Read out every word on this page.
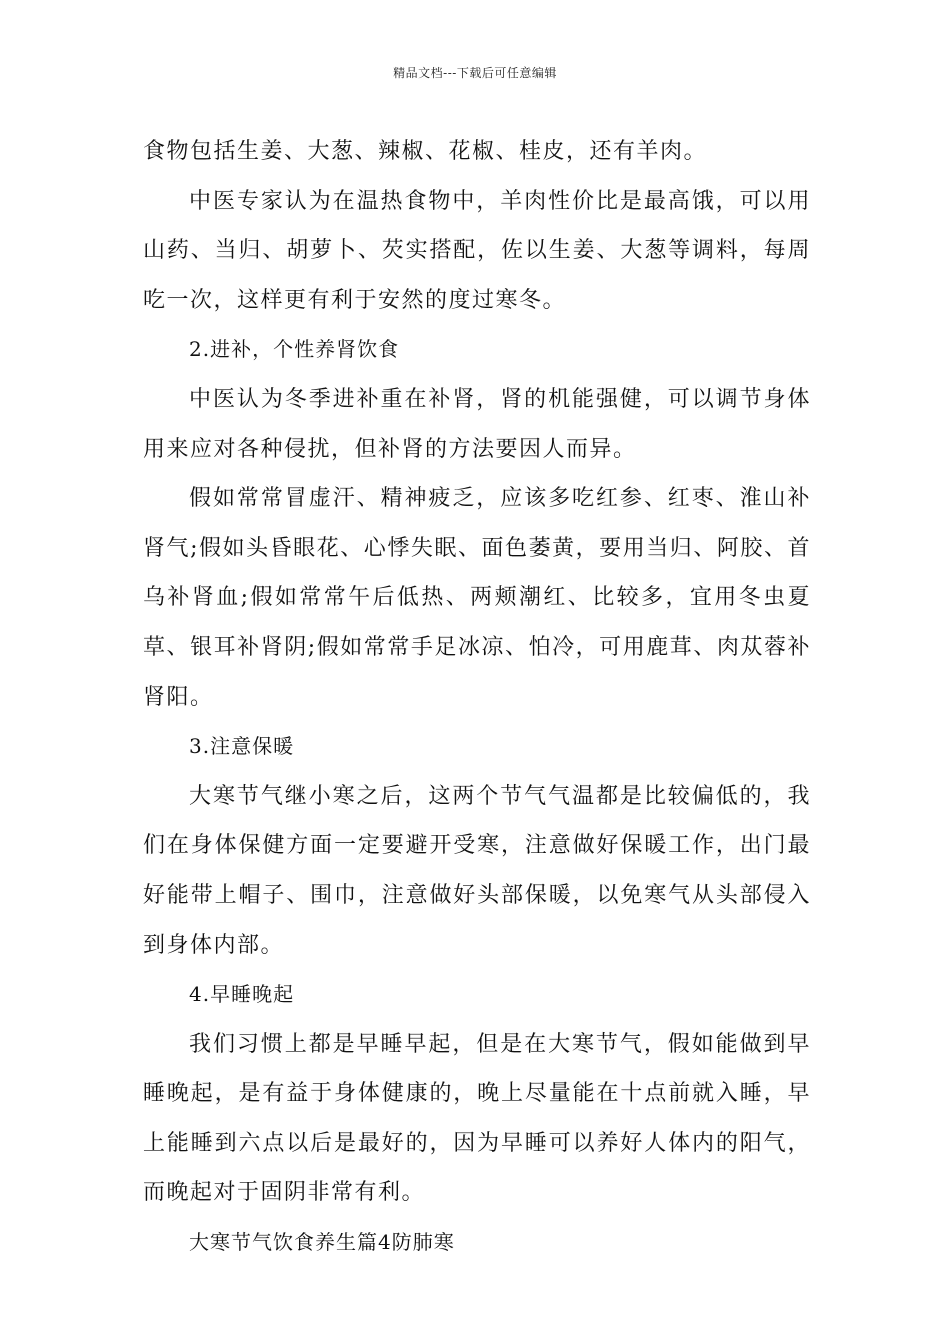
精品文档---下载后可任意编辑

食物包括生姜、大葱、辣椒、花椒、桂皮，还有羊肉。

中医专家认为在温热食物中，羊肉性价比是最高饿，可以用山药、当归、胡萝卜、芡实搭配，佐以生姜、大葱等调料，每周吃一次，这样更有利于安然的度过寒冬。

2.进补，个性养肾饮食

中医认为冬季进补重在补肾，肾的机能强健，可以调节身体用来应对各种侵扰，但补肾的方法要因人而异。

假如常常冒虚汗、精神疲乏，应该多吃红参、红枣、淮山补肾气;假如头昏眼花、心悸失眠、面色萎黄，要用当归、阿胶、首乌补肾血;假如常常午后低热、两颊潮红、比较多，宜用冬虫夏草、银耳补肾阴;假如常常手足冰凉、怕冷，可用鹿茸、肉苁蓉补肾阳。

3.注意保暖

大寒节气继小寒之后，这两个节气气温都是比较偏低的，我们在身体保健方面一定要避开受寒，注意做好保暖工作，出门最好能带上帽子、围巾，注意做好头部保暖，以免寒气从头部侵入到身体内部。

4.早睡晚起

我们习惯上都是早睡早起，但是在大寒节气，假如能做到早睡晚起，是有益于身体健康的，晚上尽量能在十点前就入睡，早上能睡到六点以后是最好的，因为早睡可以养好人体内的阳气，而晚起对于固阴非常有利。

大寒节气饮食养生篇4防肺寒
